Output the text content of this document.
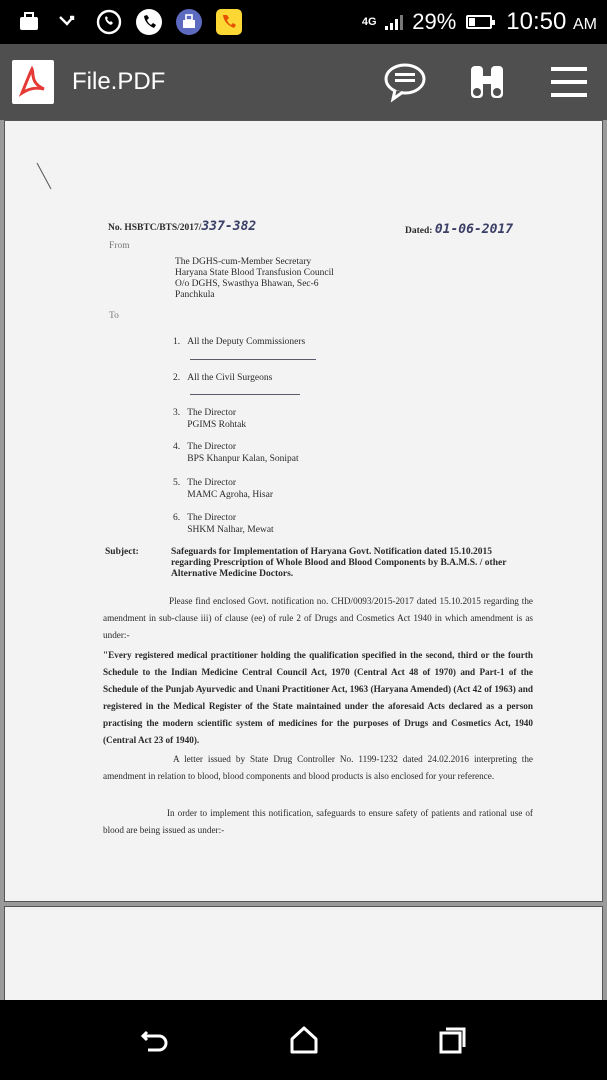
4G 29% 10:50 AM
File.PDF
No. HSBTC/BTS/2017/337-382	Dated: 01-06-2017
From
The DGHS-cum-Member Secretary
Haryana State Blood Transfusion Council
O/o DGHS, Swasthya Bhawan, Sec-6
Panchkula
To
1. All the Deputy Commissioners
2. All the Civil Surgeons
3. The Director
PGIMS Rohtak
4. The Director
BPS Khanpur Kalan, Sonipat
5. The Director
MAMC Agroha, Hisar
6. The Director
SHKM Nalhar, Mewat
Subject:	Safeguards for Implementation of Haryana Govt. Notification dated 15.10.2015
regarding Prescription of Whole Blood and Blood Components by B.A.M.S. / other
Alternative Medicine Doctors.
Please find enclosed Govt. notification no. CHD/0093/2015-2017 dated 15.10.2015 regarding the amendment in sub-clause iii) of clause (ee) of rule 2 of Drugs and Cosmetics Act 1940 in which amendment is as under:-
"Every registered medical practitioner holding the qualification specified in the second, third or the fourth Schedule to the Indian Medicine Central Council Act, 1970 (Central Act 48 of 1970) and Part-1 of the Schedule of the Punjab Ayurvedic and Unani Practitioner Act, 1963 (Haryana Amended) (Act 42 of 1963) and registered in the Medical Register of the State maintained under the aforesaid Acts declared as a person practising the modern scientific system of medicines for the purposes of Drugs and Cosmetics Act, 1940 (Central Act 23 of 1940).
A letter issued by State Drug Controller No. 1199-1232 dated 24.02.2016 interpreting the amendment in relation to blood, blood components and blood products is also enclosed for your reference.
In order to implement this notification, safeguards to ensure safety of patients and rational use of blood are being issued as under:-
